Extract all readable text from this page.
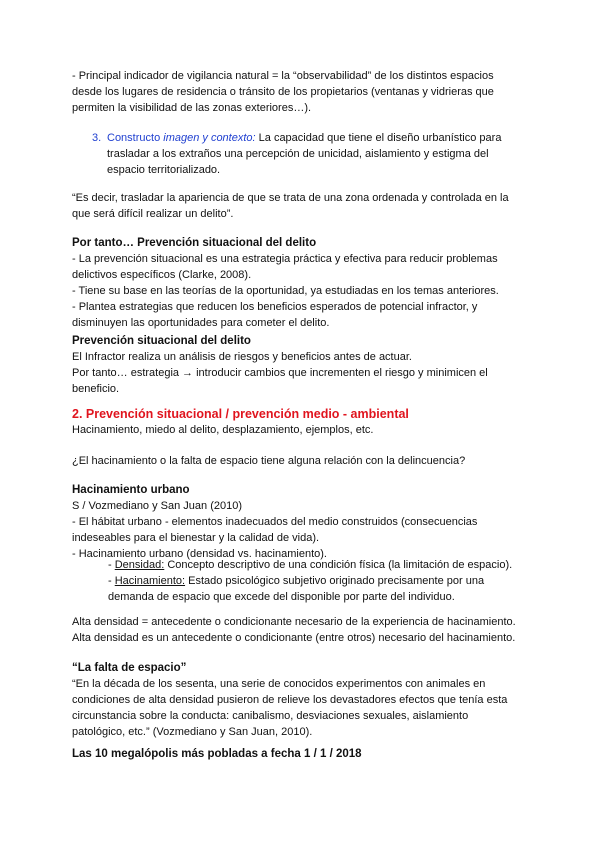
- Principal indicador de vigilancia natural = la “observabilidad” de los distintos espacios
desde los lugares de residencia o tránsito de los propietarios (ventanas y vidrieras que
permiten la visibilidad de las zonas exteriores…).
3. Constructo imagen y contexto: La capacidad que tiene el diseño urbanístico para
trasladar a los extraños una percepción de unicidad, aislamiento y estigma del
espacio territorializado.
“Es decir, trasladar la apariencia de que se trata de una zona ordenada y controlada en la
que será difícil realizar un delito”.
Por tanto… Prevención situacional del delito
- La prevención situacional es una estrategia práctica y efectiva para reducir problemas
delictivos específicos (Clarke, 2008).
- Tiene su base en las teorías de la oportunidad, ya estudiadas en los temas anteriores.
- Plantea estrategias que reducen los beneficios esperados de potencial infractor, y
disminuyen las oportunidades para cometer el delito.
Prevención situacional del delito
El Infractor realiza un análisis de riesgos y beneficios antes de actuar.
Por tanto… estrategia → introducir cambios que incrementen el riesgo y minimicen el
beneficio.
2. Prevención situacional / prevención medio - ambiental
Hacinamiento, miedo al delito, desplazamiento, ejemplos, etc.
¿El hacinamiento o la falta de espacio tiene alguna relación con la delincuencia?
Hacinamiento urbano
S / Vozmediano y San Juan (2010)
- El hábitat urbano - elementos inadecuados del medio construidos (consecuencias
indeseables para el bienestar y la calidad de vida).
- Hacinamiento urbano (densidad vs. hacinamiento).
- Densidad: Concepto descriptivo de una condición física (la limitación de espacio).
- Hacinamiento: Estado psicológico subjetivo originado precisamente por una
demanda de espacio que excede del disponible por parte del individuo.
Alta densidad = antecedente o condicionante necesario de la experiencia de hacinamiento.
Alta densidad es un antecedente o condicionante (entre otros) necesario del hacinamiento.
“La falta de espacio”
“En la década de los sesenta, una serie de conocidos experimentos con animales en
condiciones de alta densidad pusieron de relieve los devastadores efectos que tenía esta
circunstancia sobre la conducta: canibalismo, desviaciones sexuales, aislamiento
patológico, etc.” (Vozmediano y San Juan, 2010).
Las 10 megalópolis más pobladas a fecha 1 / 1 / 2018
